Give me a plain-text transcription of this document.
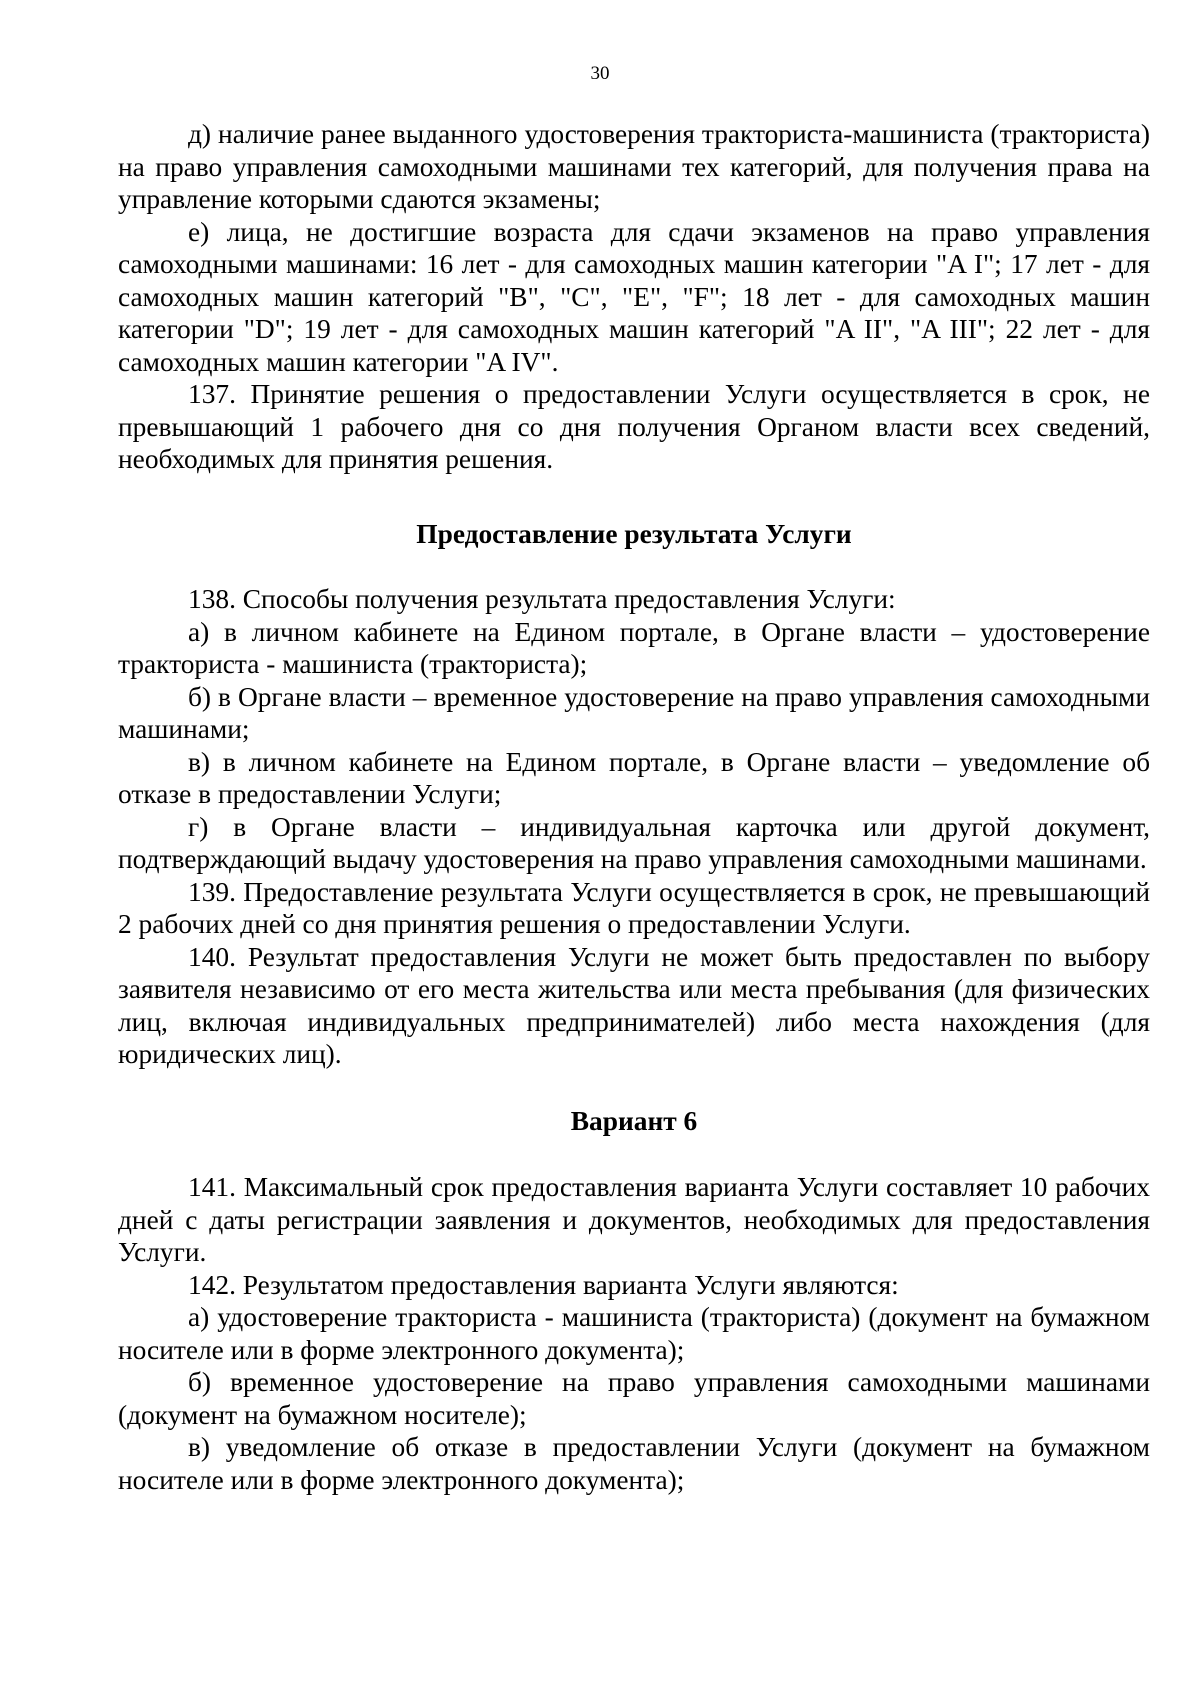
30

д) наличие ранее выданного удостоверения тракториста-машиниста (тракториста) на право управления самоходными машинами тех категорий, для получения права на управление которыми сдаются экзамены;

е) лица, не достигшие возраста для сдачи экзаменов на право управления самоходными машинами: 16 лет - для самоходных машин категории "A I"; 17 лет - для самоходных машин категорий "B", "C", "E", "F"; 18 лет - для самоходных машин категории "D"; 19 лет - для самоходных машин категорий "A II", "A III"; 22 лет - для самоходных машин категории "A IV".

137. Принятие решения о предоставлении Услуги осуществляется в срок, не превышающий 1 рабочего дня со дня получения Органом власти всех сведений, необходимых для принятия решения.

Предоставление результата Услуги

138. Способы получения результата предоставления Услуги:

а) в личном кабинете на Едином портале, в Органе власти – удостоверение тракториста - машиниста (тракториста);

б) в Органе власти – временное удостоверение на право управления самоходными машинами;

в) в личном кабинете на Едином портале, в Органе власти – уведомление об отказе в предоставлении Услуги;

г) в Органе власти – индивидуальная карточка или другой документ, подтверждающий выдачу удостоверения на право управления самоходными машинами.

139. Предоставление результата Услуги осуществляется в срок, не превышающий 2 рабочих дней со дня принятия решения о предоставлении Услуги.

140. Результат предоставления Услуги не может быть предоставлен по выбору заявителя независимо от его места жительства или места пребывания (для физических лиц, включая индивидуальных предпринимателей) либо места нахождения (для юридических лиц).

Вариант 6

141. Максимальный срок предоставления варианта Услуги составляет 10 рабочих дней с даты регистрации заявления и документов, необходимых для предоставления Услуги.

142. Результатом предоставления варианта Услуги являются:

а) удостоверение тракториста - машиниста (тракториста) (документ на бумажном носителе или в форме электронного документа);

б) временное удостоверение на право управления самоходными машинами (документ на бумажном носителе);

в) уведомление об отказе в предоставлении Услуги (документ на бумажном носителе или в форме электронного документа);
